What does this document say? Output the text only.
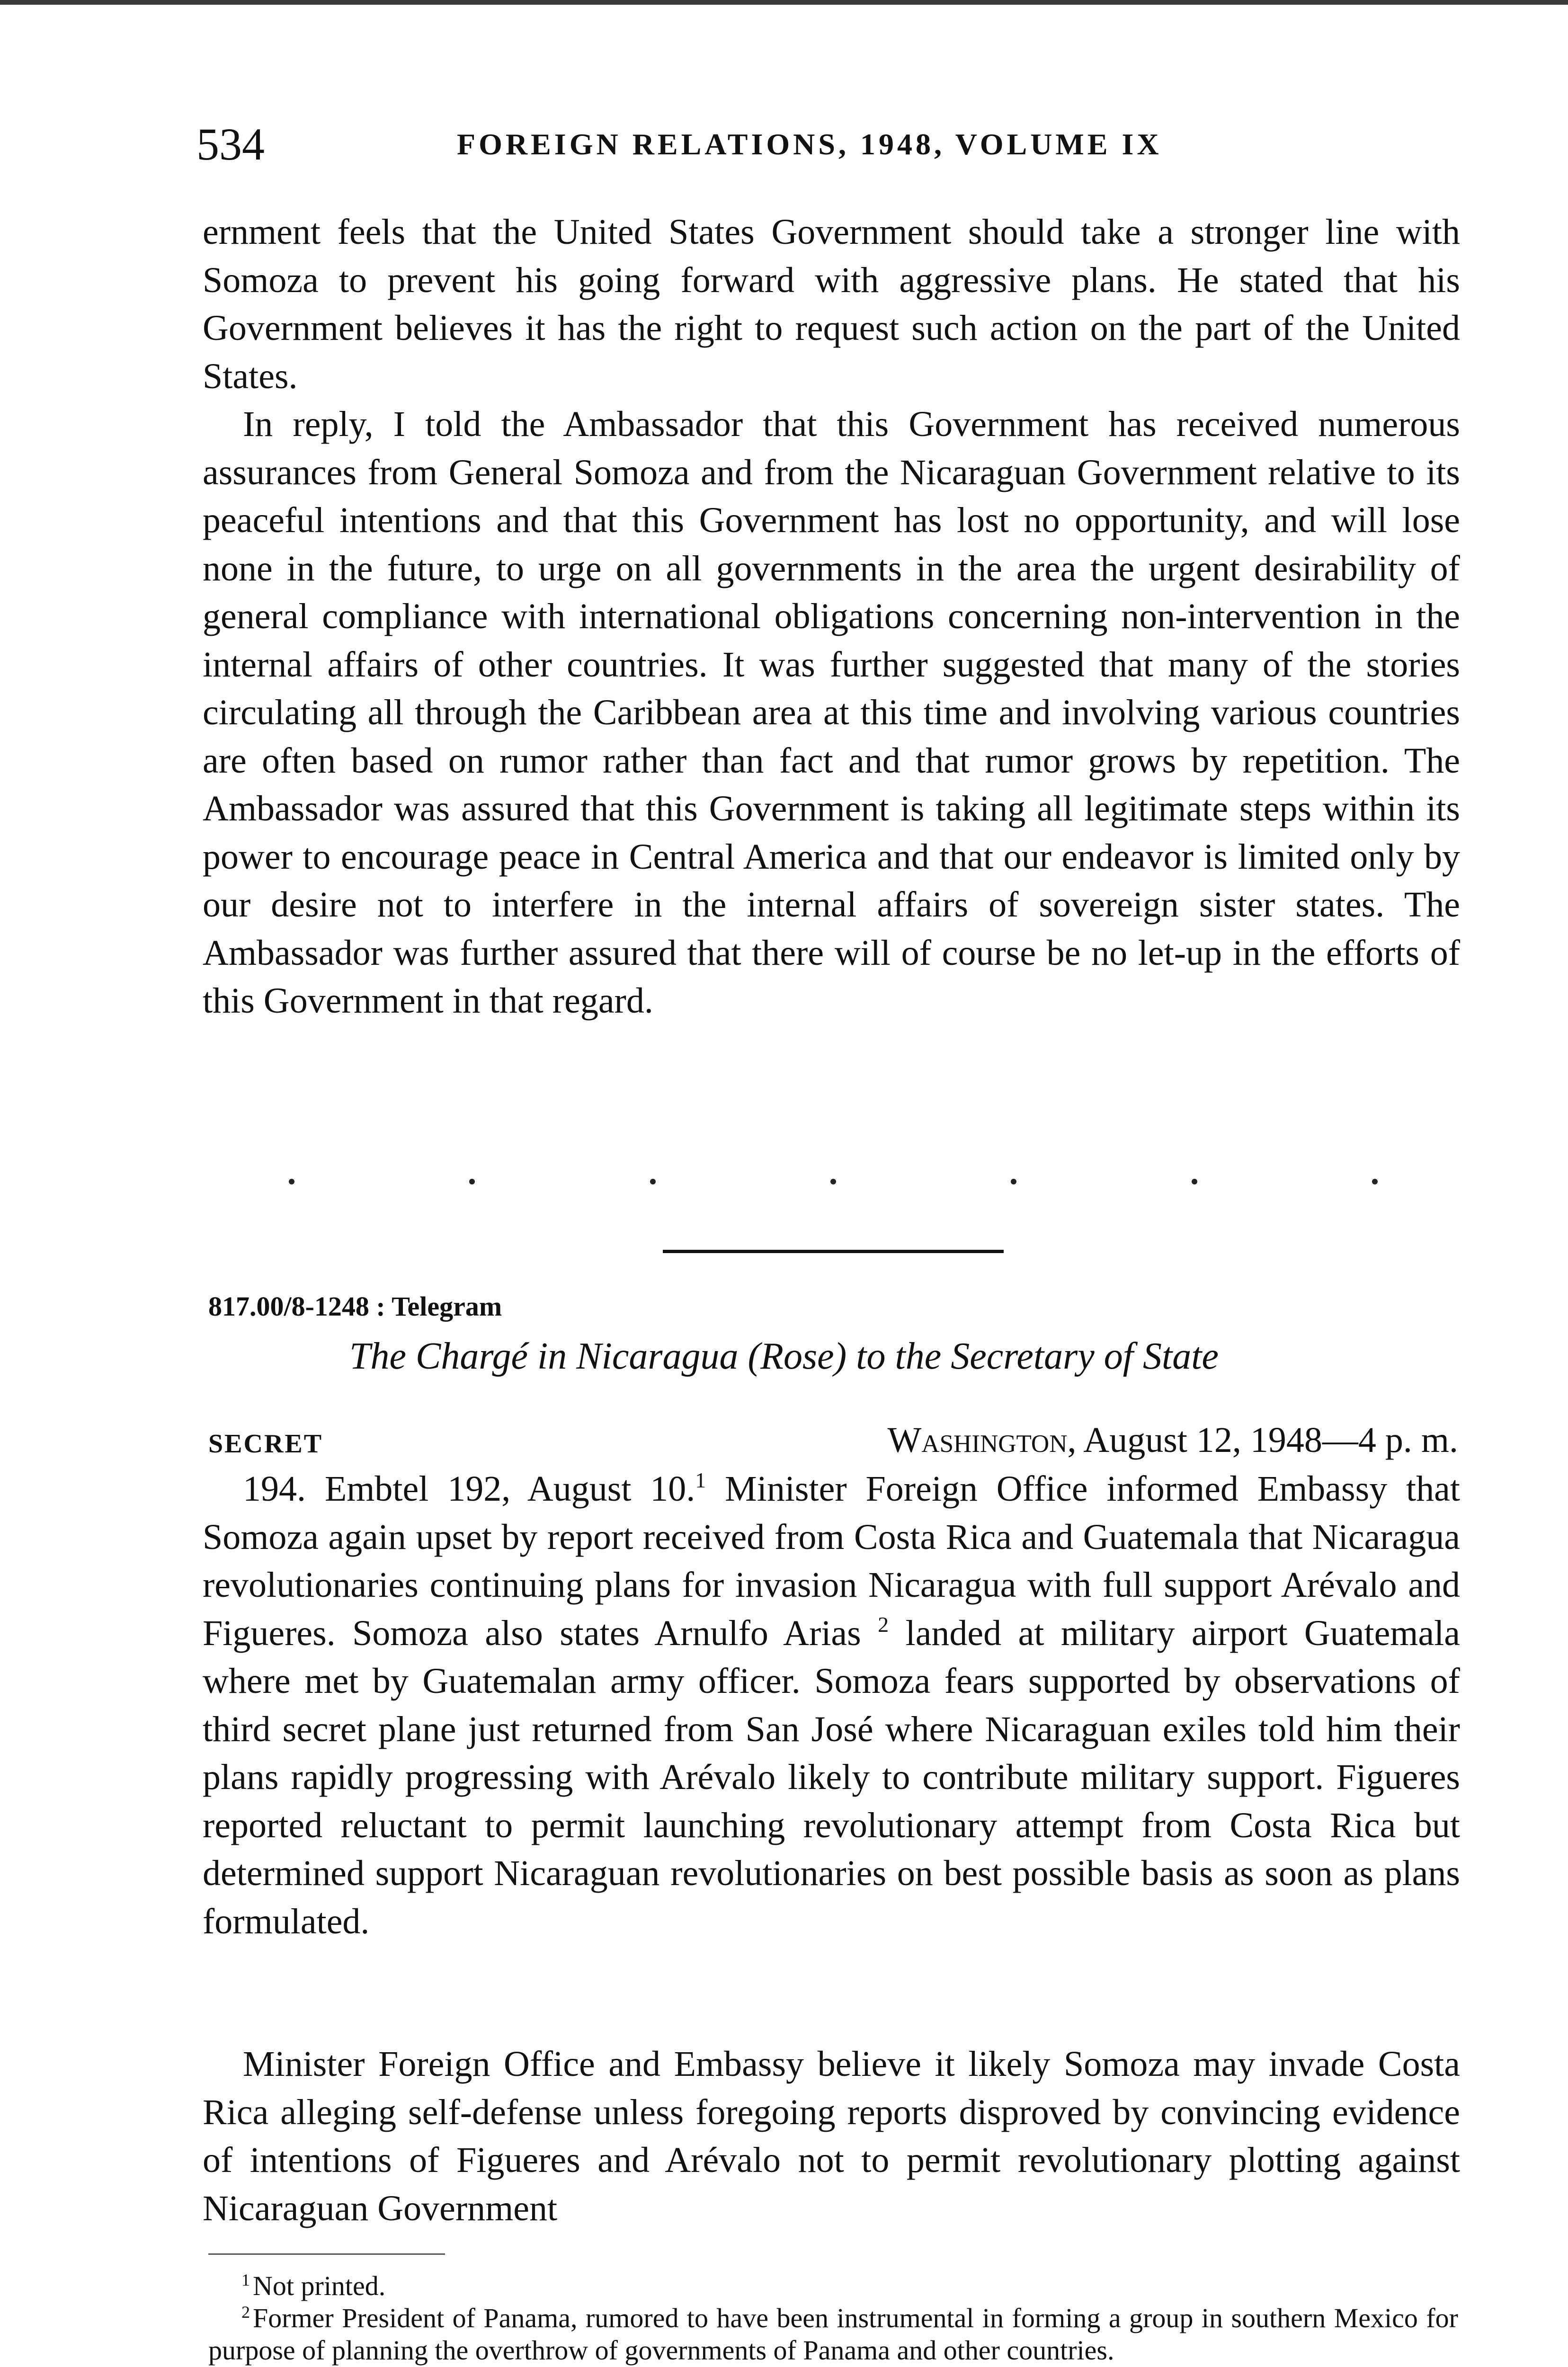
534	FOREIGN RELATIONS, 1948, VOLUME IX

ernment feels that the United States Government should take a stronger line with Somoza to prevent his going forward with aggressive plans. He stated that his Government believes it has the right to request such action on the part of the United States.

In reply, I told the Ambassador that this Government has received numerous assurances from General Somoza and from the Nicaraguan Government relative to its peaceful intentions and that this Government has lost no opportunity, and will lose none in the future, to urge on all governments in the area the urgent desirability of general compliance with international obligations concerning non-intervention in the internal affairs of other countries. It was further suggested that many of the stories circulating all through the Caribbean area at this time and involving various countries are often based on rumor rather than fact and that rumor grows by repetition. The Ambassador was assured that this Government is taking all legitimate steps within its power to encourage peace in Central America and that our endeavor is limited only by our desire not to interfere in the internal affairs of sovereign sister states. The Ambassador was further assured that there will of course be no let-up in the efforts of this Government in that regard.

817.00/8-1248 : Telegram
The Chargé in Nicaragua (Rose) to the Secretary of State
SECRET	Washington, August 12, 1948—4 p. m.

194. Embtel 192, August 10.$^1$ Minister Foreign Office informed Embassy that Somoza again upset by report received from Costa Rica and Guatemala that Nicaragua revolutionaries continuing plans for invasion Nicaragua with full support Arévalo and Figueres. Somoza also states Arnulfo Arias $^2$ landed at military airport Guatemala where met by Guatemalan army officer. Somoza fears supported by observations of third secret plane just returned from San José where Nicaraguan exiles told him their plans rapidly progressing with Arévalo likely to contribute military support. Figueres reported reluctant to permit launching revolutionary attempt from Costa Rica but determined support Nicaraguan revolutionaries on best possible basis as soon as plans formulated.

Minister Foreign Office and Embassy believe it likely Somoza may invade Costa Rica alleging self-defense unless foregoing reports disproved by convincing evidence of intentions of Figueres and Arévalo not to permit revolutionary plotting against Nicaraguan Government

$^1$ Not printed.

$^2$ Former President of Panama, rumored to have been instrumental in forming a group in southern Mexico for purpose of planning the overthrow of governments of Panama and other countries.
